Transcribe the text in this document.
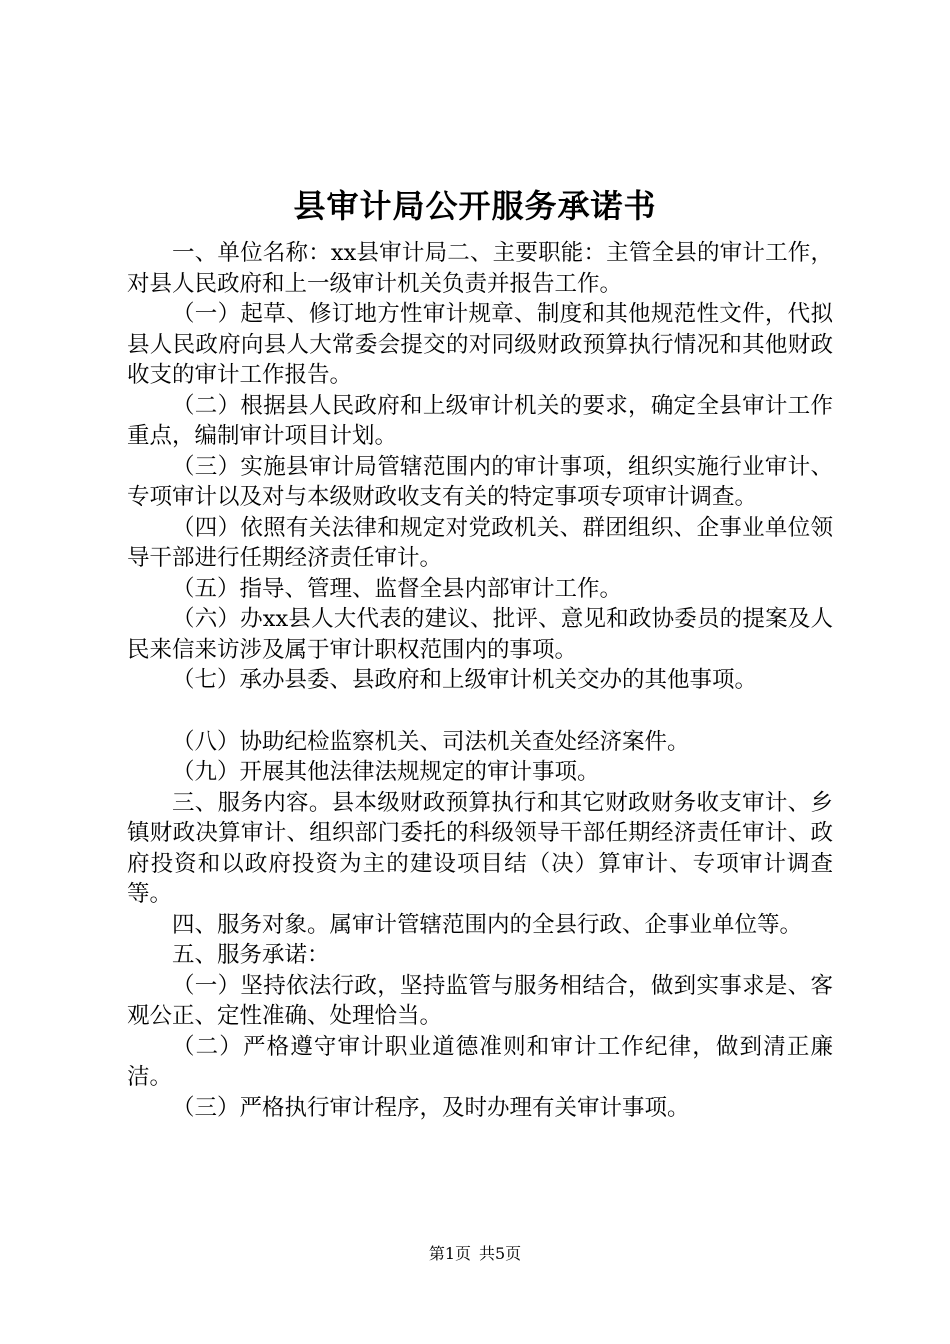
县审计局公开服务承诺书

一、单位名称：xx县审计局二、主要职能：主管全县的审计工作，对县人民政府和上一级审计机关负责并报告工作。

（一）起草、修订地方性审计规章、制度和其他规范性文件，代拟县人民政府向县人大常委会提交的对同级财政预算执行情况和其他财政收支的审计工作报告。

（二）根据县人民政府和上级审计机关的要求，确定全县审计工作重点，编制审计项目计划。

（三）实施县审计局管辖范围内的审计事项，组织实施行业审计、专项审计以及对与本级财政收支有关的特定事项专项审计调查。

（四）依照有关法律和规定对党政机关、群团组织、企事业单位领导干部进行任期经济责任审计。

（五）指导、管理、监督全县内部审计工作。

（六）办xx县人大代表的建议、批评、意见和政协委员的提案及人民来信来访涉及属于审计职权范围内的事项。

（七）承办县委、县政府和上级审计机关交办的其他事项。

（八）协助纪检监察机关、司法机关查处经济案件。

（九）开展其他法律法规规定的审计事项。

三、服务内容。县本级财政预算执行和其它财政财务收支审计、乡镇财政决算审计、组织部门委托的科级领导干部任期经济责任审计、政府投资和以政府投资为主的建设项目结（决）算审计、专项审计调查等。

四、服务对象。属审计管辖范围内的全县行政、企事业单位等。

五、服务承诺：

（一）坚持依法行政，坚持监管与服务相结合，做到实事求是、客观公正、定性准确、处理恰当。

（二）严格遵守审计职业道德准则和审计工作纪律，做到清正廉洁。

（三）严格执行审计程序，及时办理有关审计事项。

第1页 共5页
